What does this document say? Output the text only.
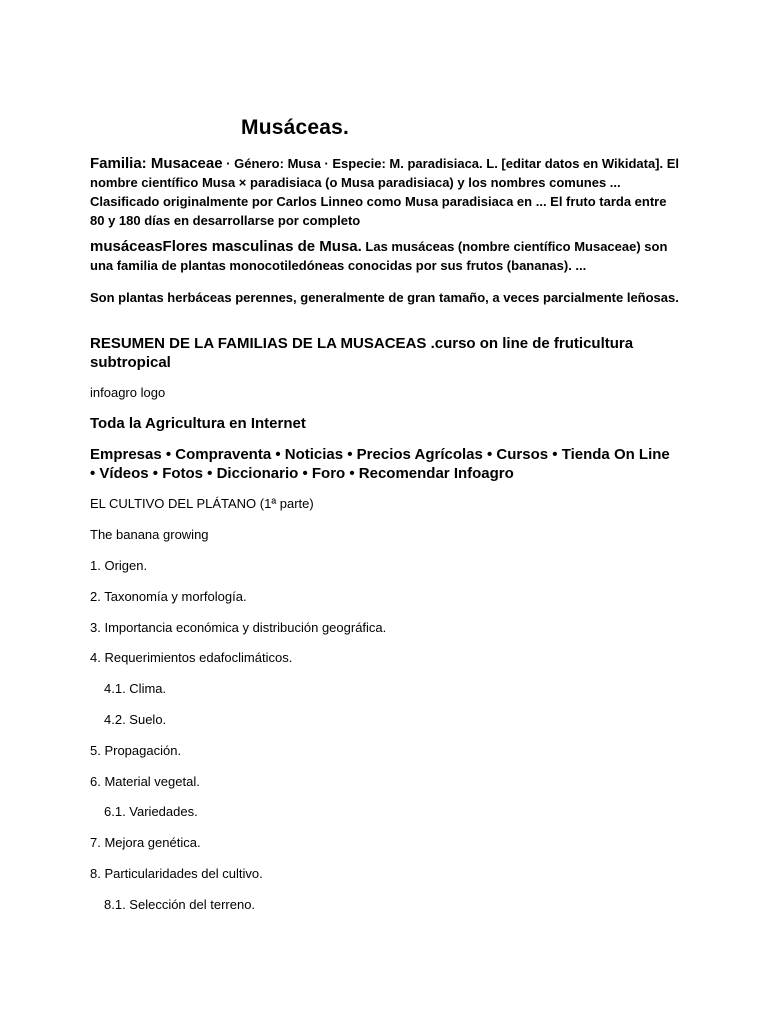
Musáceas.
Familia: Musaceae · Género: Musa · Especie: M. paradisiaca. L. [editar datos en Wikidata]. El nombre científico Musa × paradisiaca (o Musa paradisiaca) y los nombres comunes ... Clasificado originalmente por Carlos Linneo como Musa paradisiaca en ... El fruto tarda entre 80 y 180 días en desarrollarse por completo
musáceasFlores masculinas de Musa. Las musáceas (nombre científico Musaceae) son una familia de plantas monocotiledóneas conocidas por sus frutos (bananas). ...
Son plantas herbáceas perennes, generalmente de gran tamaño, a veces parcialmente leñosas.
RESUMEN DE LA FAMILIAS DE LA MUSACEAS .curso on line de fruticultura subtropical
infoagro logo
Toda la Agricultura en Internet
Empresas • Compraventa • Noticias • Precios Agrícolas • Cursos • Tienda On Line • Vídeos • Fotos • Diccionario • Foro • Recomendar Infoagro
EL CULTIVO DEL PLÁTANO (1ª parte)
The banana growing
1. Origen.
2. Taxonomía y morfología.
3. Importancia económica y distribución geográfica.
4. Requerimientos edafoclimáticos.
4.1. Clima.
4.2. Suelo.
5. Propagación.
6. Material vegetal.
6.1. Variedades.
7. Mejora genética.
8. Particularidades del cultivo.
8.1. Selección del terreno.
